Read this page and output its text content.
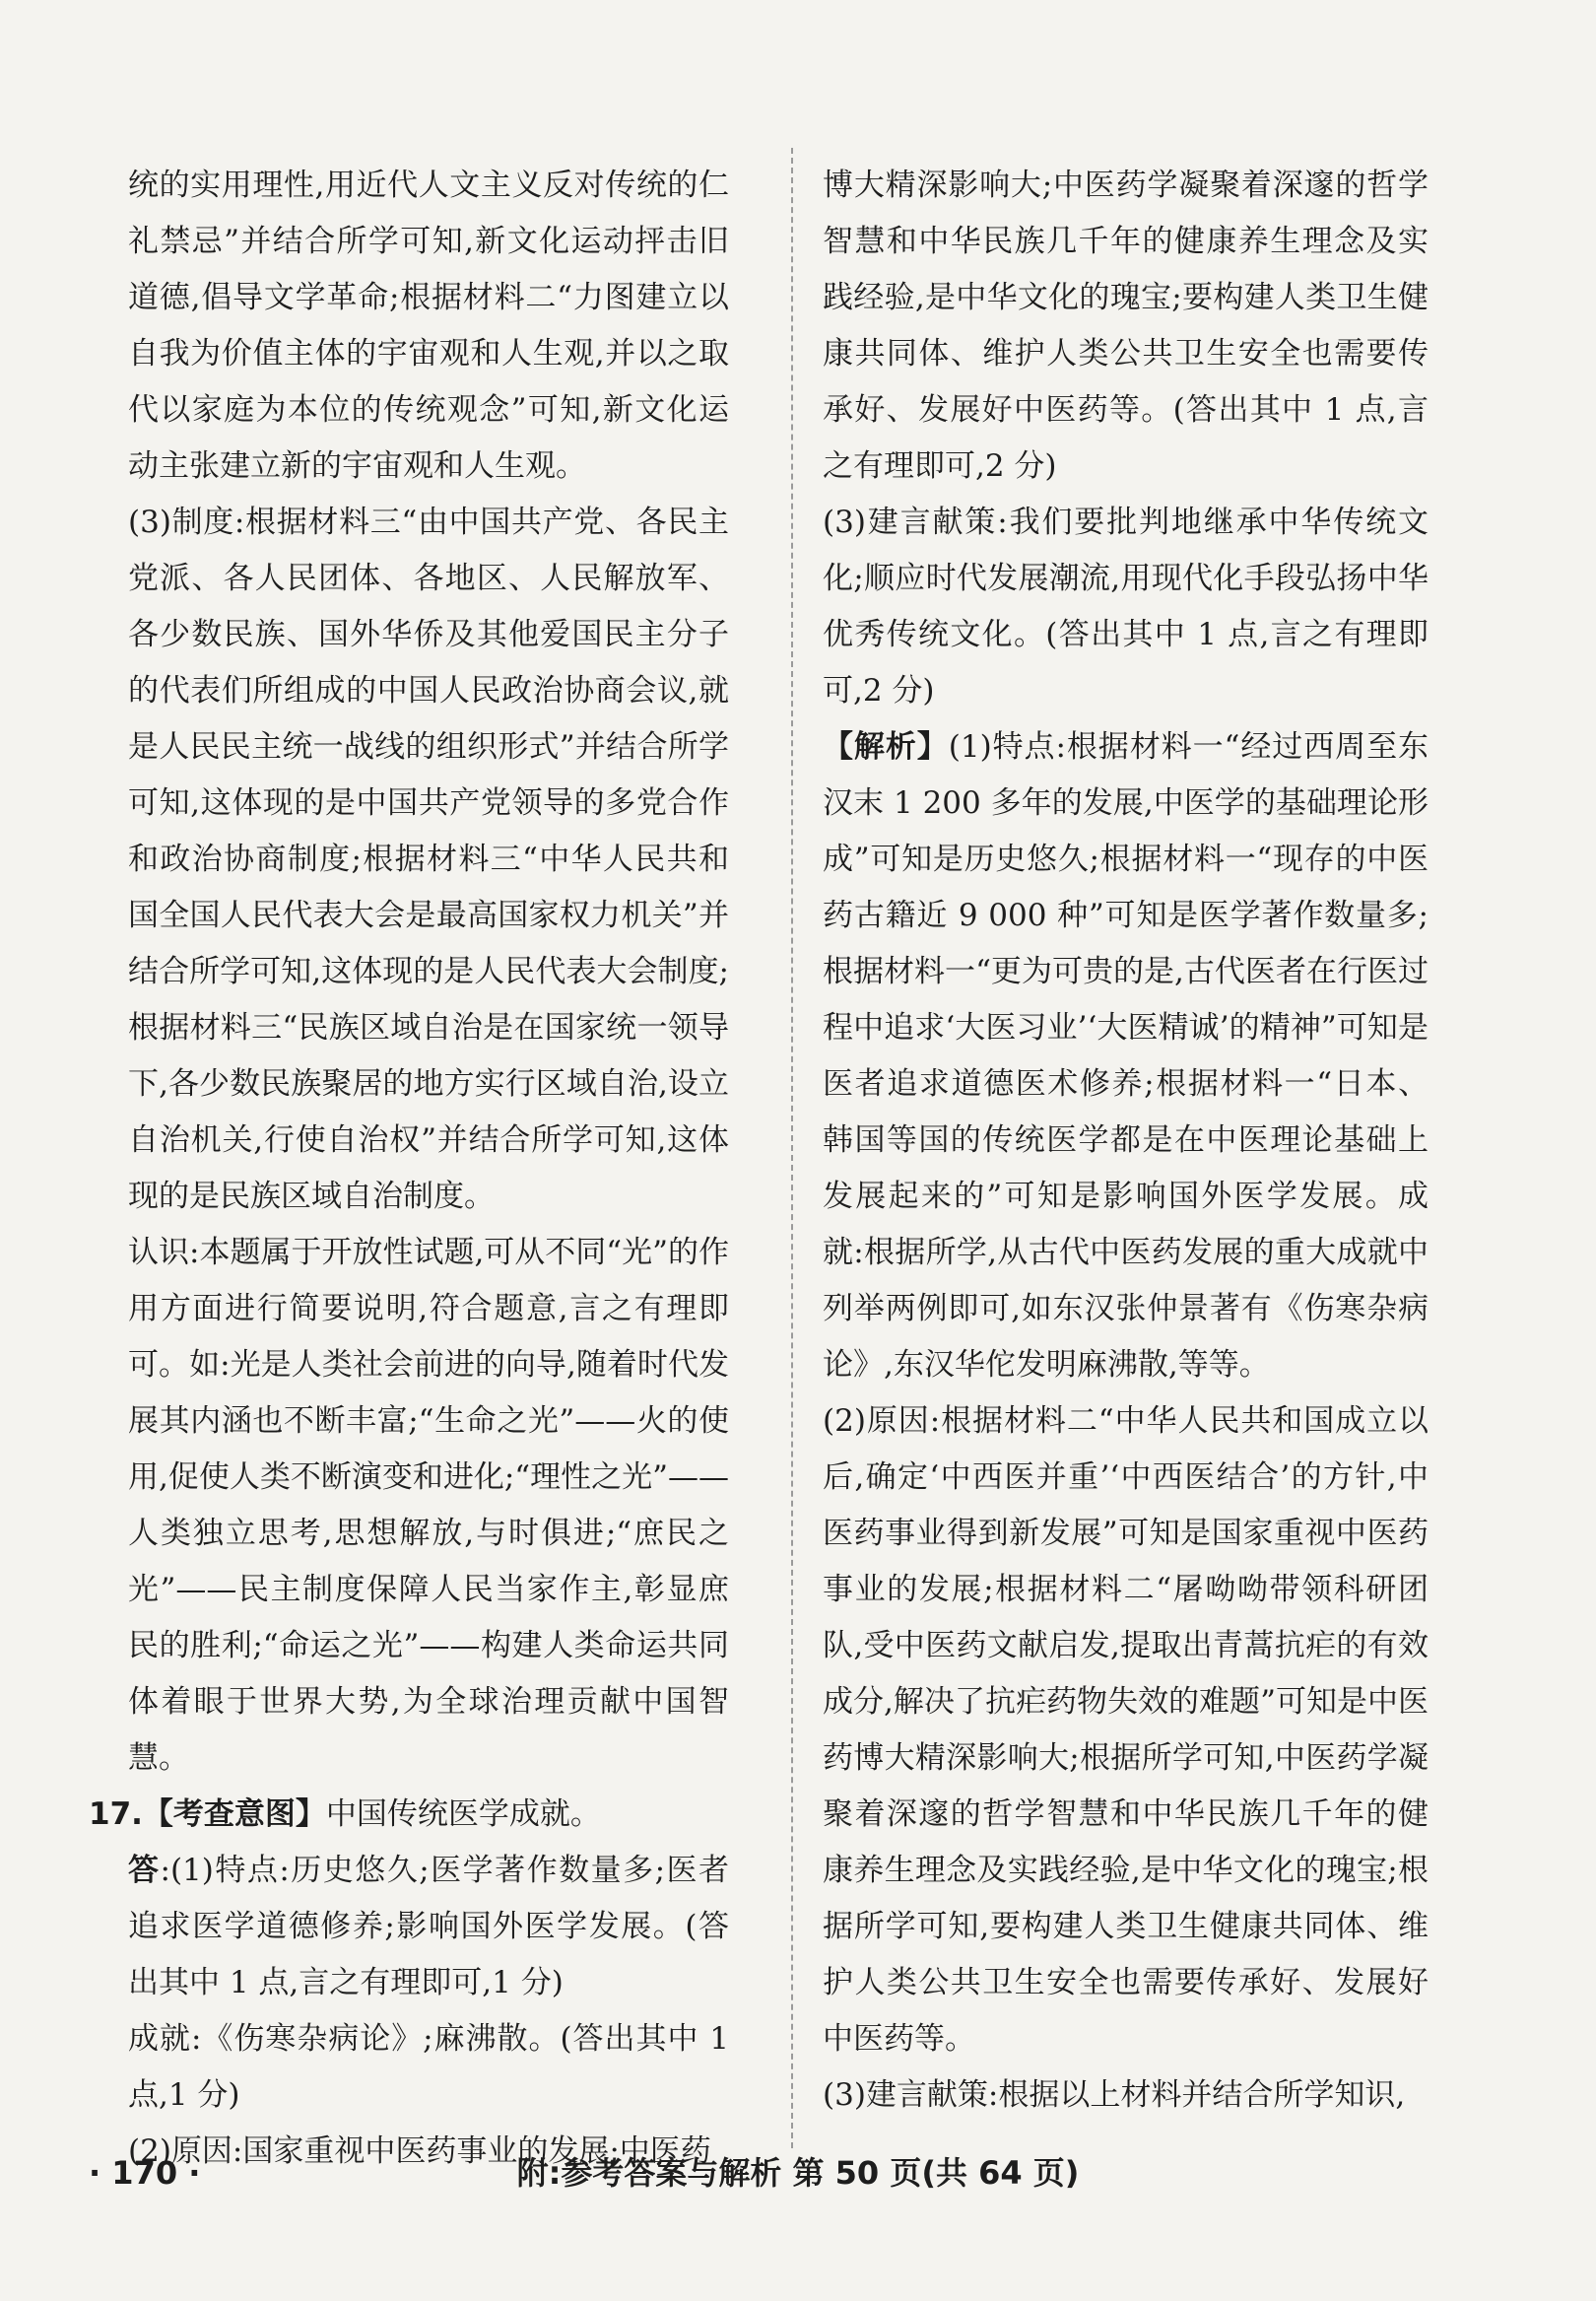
统的实用理性,用近代人文主义反对传统的仁礼禁忌”并结合所学可知,新文化运动抨击旧道德,倡导文学革命;根据材料二“力图建立以自我为价值主体的宇宙观和人生观,并以之取代以家庭为本位的传统观念”可知,新文化运动主张建立新的宇宙观和人生观。

(3)制度:根据材料三“由中国共产党、各民主党派、各人民团体、各地区、人民解放军、各少数民族、国外华侨及其他爱国民主分子的代表们所组成的中国人民政治协商会议,就是人民民主统一战线的组织形式”并结合所学可知,这体现的是中国共产党领导的多党合作和政治协商制度;根据材料三“中华人民共和国全国人民代表大会是最高国家权力机关”并结合所学可知,这体现的是人民代表大会制度;根据材料三“民族区域自治是在国家统一领导下,各少数民族聚居的地方实行区域自治,设立自治机关,行使自治权”并结合所学可知,这体现的是民族区域自治制度。

认识:本题属于开放性试题,可从不同“光”的作用方面进行简要说明,符合题意,言之有理即可。如:光是人类社会前进的向导,随着时代发展其内涵也不断丰富;“生命之光”——火的使用,促使人类不断演变和进化;“理性之光”——人类独立思考,思想解放,与时俱进;“庶民之光”——民主制度保障人民当家作主,彰显庶民的胜利;“命运之光”——构建人类命运共同体着眼于世界大势,为全球治理贡献中国智慧。

17.【考查意图】中国传统医学成就。

答:(1)特点:历史悠久;医学著作数量多;医者追求医学道德修养;影响国外医学发展。(答出其中 1 点,言之有理即可,1 分)

成就:《伤寒杂病论》;麻沸散。(答出其中 1 点,1 分)

(2)原因:国家重视中医药事业的发展;中医药

博大精深影响大;中医药学凝聚着深邃的哲学智慧和中华民族几千年的健康养生理念及实践经验,是中华文化的瑰宝;要构建人类卫生健康共同体、维护人类公共卫生安全也需要传承好、发展好中医药等。(答出其中 1 点,言之有理即可,2 分)

(3)建言献策:我们要批判地继承中华传统文化;顺应时代发展潮流,用现代化手段弘扬中华优秀传统文化。(答出其中 1 点,言之有理即可,2 分)

【解析】(1)特点:根据材料一“经过西周至东汉末 1 200 多年的发展,中医学的基础理论形成”可知是历史悠久;根据材料一“现存的中医药古籍近 9 000 种”可知是医学著作数量多;根据材料一“更为可贵的是,古代医者在行医过程中追求‘大医习业’‘大医精诚’的精神”可知是医者追求道德医术修养;根据材料一“日本、韩国等国的传统医学都是在中医理论基础上发展起来的”可知是影响国外医学发展。成就:根据所学,从古代中医药发展的重大成就中列举两例即可,如东汉张仲景著有《伤寒杂病论》,东汉华佗发明麻沸散,等等。

(2)原因:根据材料二“中华人民共和国成立以后,确定‘中西医并重’‘中西医结合’的方针,中医药事业得到新发展”可知是国家重视中医药事业的发展;根据材料二“屠呦呦带领科研团队,受中医药文献启发,提取出青蒿抗疟的有效成分,解决了抗疟药物失效的难题”可知是中医药博大精深影响大;根据所学可知,中医药学凝聚着深邃的哲学智慧和中华民族几千年的健康养生理念及实践经验,是中华文化的瑰宝;根据所学可知,要构建人类卫生健康共同体、维护人类公共卫生安全也需要传承好、发展好中医药等。

(3)建言献策:根据以上材料并结合所学知识,

· 170 ·	附:参考答案与解析 第 50 页(共 64 页)
